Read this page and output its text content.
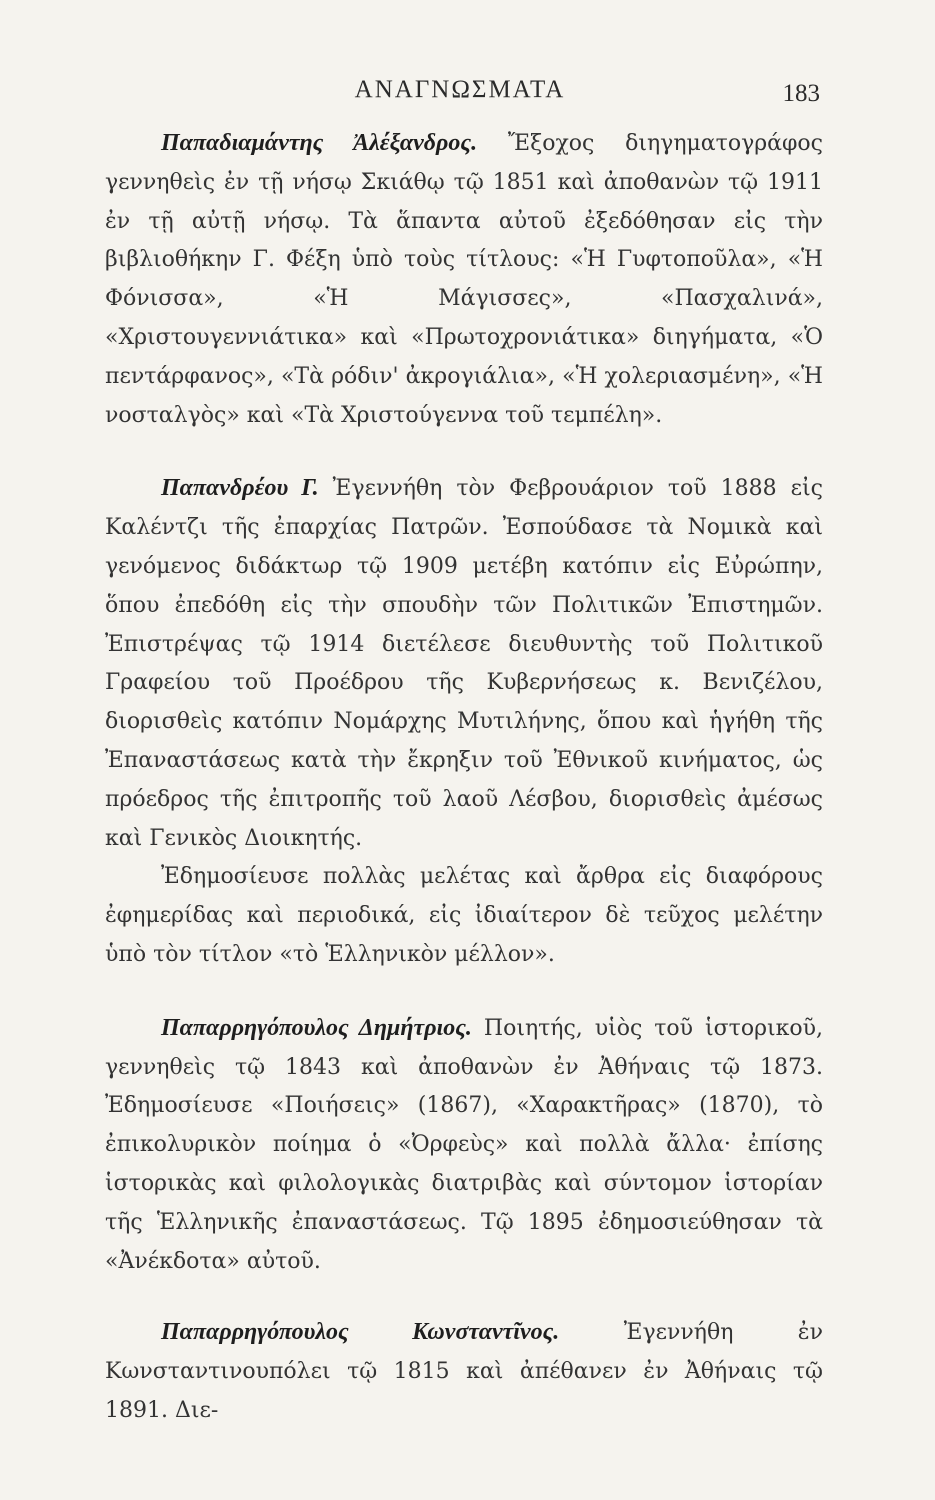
ΑΝΑΓΝΩΣΜΑΤΑ	183

Παπαδιαμάντης Ἀλέξανδρος. Ἔξοχος διηγηματογράφος γεννηθεὶς ἐν τῇ νήσῳ Σκιάθῳ τῷ 1851 καὶ ἀποθανὼν τῷ 1911 ἐν τῇ αὐτῇ νήσῳ. Τὰ ἅπαντα αὐτοῦ ἐξεδόθησαν εἰς τὴν βιβλιοθήκην Γ. Φέξη ὑπὸ τοὺς τίτλους: «Ἡ Γυφτοποῦλα», «Ἡ Φόνισσα», «Ἡ Μάγισσες», «Πασχαλινά», «Χριστουγεννιάτικα» καὶ «Πρωτοχρονιάτικα» διηγήματα, «Ὁ πεντάρφανος», «Τὰ ρόδιν' ἀκρογιάλια», «Ἡ χολεριασμένη», «Ἡ νοσταλγὸς» καὶ «Τὰ Χριστούγεννα τοῦ τεμπέλη».

Παπανδρέου Γ. Ἐγεννήθη τὸν Φεβρουάριον τοῦ 1888 εἰς Καλέντζι τῆς ἐπαρχίας Πατρῶν. Ἐσπούδασε τὰ Νομικὰ καὶ γενόμενος διδάκτωρ τῷ 1909 μετέβη κατόπιν εἰς Εὐρώπην, ὅπου ἐπεδόθη εἰς τὴν σπουδὴν τῶν Πολιτικῶν Ἐπιστημῶν. Ἐπιστρέψας τῷ 1914 διετέλεσε διευθυντὴς τοῦ Πολιτικοῦ Γραφείου τοῦ Προέδρου τῆς Κυβερνήσεως κ. Βενιζέλου, διορισθεὶς κατόπιν Νομάρχης Μυτιλήνης, ὅπου καὶ ἡγήθη τῆς Ἐπαναστάσεως κατὰ τὴν ἔκρηξιν τοῦ Ἐθνικοῦ κινήματος, ὡς πρόεδρος τῆς ἐπιτροπῆς τοῦ λαοῦ Λέσβου, διορισθεὶς ἀμέσως καὶ Γενικὸς Διοικητής.

Ἐδημοσίευσε πολλὰς μελέτας καὶ ἄρθρα εἰς διαφόρους ἐφημερίδας καὶ περιοδικά, εἰς ἰδιαίτερον δὲ τεῦχος μελέτην ὑπὸ τὸν τίτλον «τὸ Ἑλληνικὸν μέλλον».

Παπαρρηγόπουλος Δημήτριος. Ποιητής, υἱὸς τοῦ ἱστορικοῦ, γεννηθεὶς τῷ 1843 καὶ ἀποθανὼν ἐν Ἀθήναις τῷ 1873. Ἐδημοσίευσε «Ποιήσεις» (1867), «Χαρακτῆρας» (1870), τὸ ἐπικολυρικὸν ποίημα ὁ «Ὀρφεὺς» καὶ πολλὰ ἄλλα· ἐπίσης ἱστορικὰς καὶ φιλολογικὰς διατριβὰς καὶ σύντομον ἱστορίαν τῆς Ἑλληνικῆς ἐπαναστάσεως. Τῷ 1895 ἐδημοσιεύθησαν τὰ «Ἀνέκδοτα» αὐτοῦ.

Παπαρρηγόπουλος Κωνσταντῖνος.	Ἐγεννήθη ἐν Κωνσταντινουπόλει τῷ 1815 καὶ ἀπέθανεν ἐν Ἀθήναις τῷ 1891. Διε-
